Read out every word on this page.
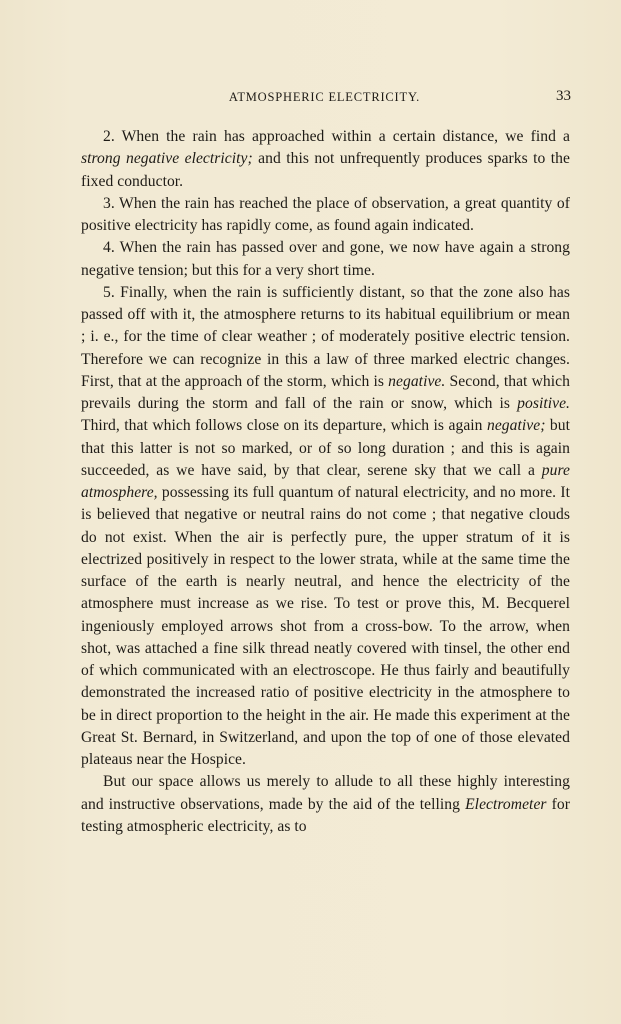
ATMOSPHERIC ELECTRICITY.	33

2. When the rain has approached within a certain distance, we find a strong negative electricity; and this not unfrequently produces sparks to the fixed conductor.

3. When the rain has reached the place of observation, a great quantity of positive electricity has rapidly come, as found again indicated.

4. When the rain has passed over and gone, we now have again a strong negative tension; but this for a very short time.

5. Finally, when the rain is sufficiently distant, so that the zone also has passed off with it, the atmosphere returns to its habitual equilibrium or mean ; i. e., for the time of clear weather ; of moderately positive electric tension. Therefore we can recognize in this a law of three marked electric changes. First, that at the approach of the storm, which is negative. Second, that which prevails during the storm and fall of the rain or snow, which is positive. Third, that which follows close on its departure, which is again negative; but that this latter is not so marked, or of so long duration ; and this is again succeeded, as we have said, by that clear, serene sky that we call a pure atmosphere, possessing its full quantum of natural electricity, and no more. It is believed that negative or neutral rains do not come ; that negative clouds do not exist. When the air is perfectly pure, the upper stratum of it is electrized positively in respect to the lower strata, while at the same time the surface of the earth is nearly neutral, and hence the electricity of the atmosphere must increase as we rise. To test or prove this, M. Becquerel ingeniously employed arrows shot from a cross-bow. To the arrow, when shot, was attached a fine silk thread neatly covered with tinsel, the other end of which communicated with an electroscope. He thus fairly and beautifully demonstrated the increased ratio of positive electricity in the atmosphere to be in direct proportion to the height in the air. He made this experiment at the Great St. Bernard, in Switzerland, and upon the top of one of those elevated plateaus near the Hospice.

But our space allows us merely to allude to all these highly interesting and instructive observations, made by the aid of the telling Electrometer for testing atmospheric electricity, as to
